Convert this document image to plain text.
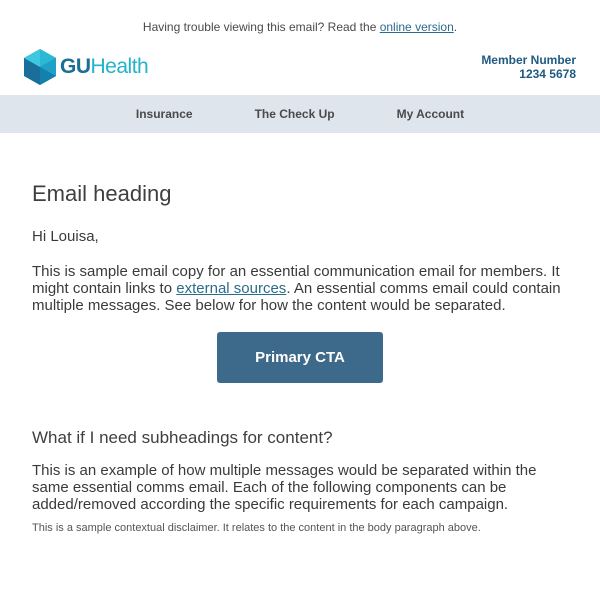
Having trouble viewing this email? Read the online version.
GUHealth	Member Number
1234 5678
Insurance	The Check Up	My Account
Email heading

Hi Louisa,

This is sample email copy for an essential communication email for members. It might contain links to external sources. An essential comms email could contain multiple messages. See below for how the content would be separated.

Primary CTA
What if I need subheadings for content?

This is an example of how multiple messages would be separated within the same essential comms email. Each of the following components can be added/removed according the specific requirements for each campaign.

This is a sample contextual disclaimer. It relates to the content in the body paragraph above.
